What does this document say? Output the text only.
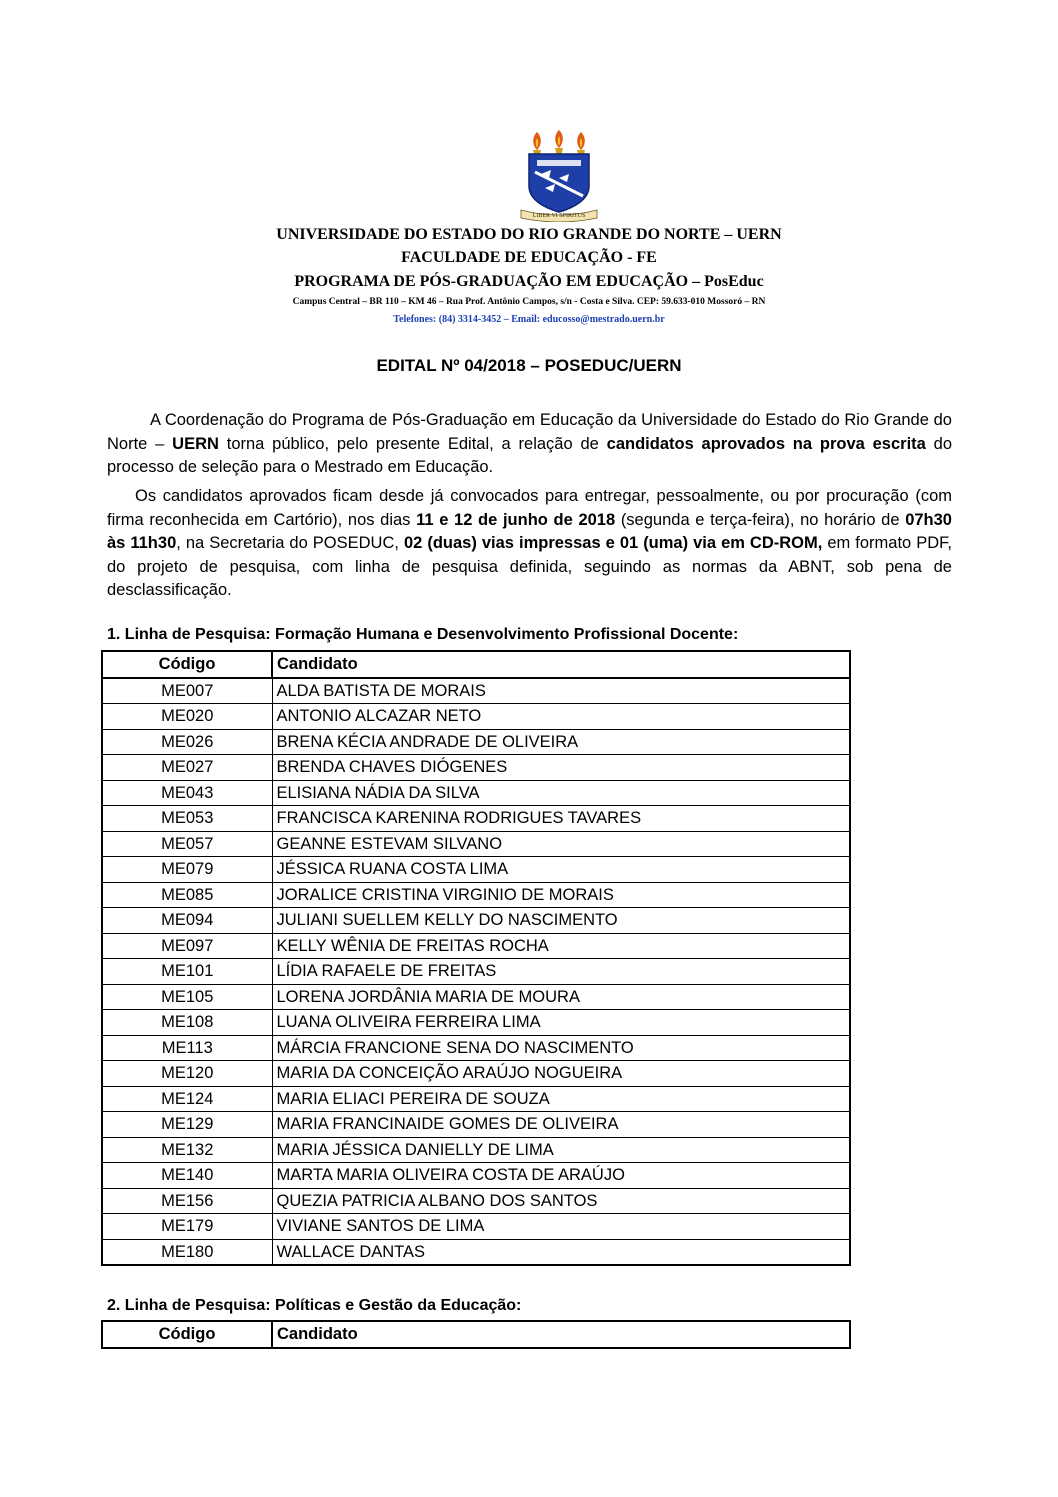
LIBER VI SPIRITUS
UNIVERSIDADE DO ESTADO DO RIO GRANDE DO NORTE – UERN
FACULDADE DE EDUCAÇÃO - FE
PROGRAMA DE PÓS-GRADUAÇÃO EM EDUCAÇÃO – PosEduc
Campus Central – BR 110 – KM 46 – Rua Prof. Antônio Campos, s/n - Costa e Silva. CEP: 59.633-010 Mossoró – RN
Telefones: (84) 3314-3452 – Email: educosso@mestrado.uern.br
EDITAL Nº 04/2018 – POSEDUC/UERN
A Coordenação do Programa de Pós-Graduação em Educação da Universidade do Estado do Rio Grande do Norte – UERN torna público, pelo presente Edital, a relação de candidatos aprovados na prova escrita do processo de seleção para o Mestrado em Educação.
Os candidatos aprovados ficam desde já convocados para entregar, pessoalmente, ou por procuração (com firma reconhecida em Cartório), nos dias 11 e 12 de junho de 2018 (segunda e terça-feira), no horário de 07h30 às 11h30, na Secretaria do POSEDUC, 02 (duas) vias impressas e 01 (uma) via em CD-ROM, em formato PDF, do projeto de pesquisa, com linha de pesquisa definida, seguindo as normas da ABNT, sob pena de desclassificação.
1. Linha de Pesquisa: Formação Humana e Desenvolvimento Profissional Docente:
Código	Candidato
ME007	ALDA BATISTA DE MORAIS
ME020	ANTONIO ALCAZAR NETO
ME026	BRENA KÉCIA ANDRADE DE OLIVEIRA
ME027	BRENDA CHAVES DIÓGENES
ME043	ELISIANA NÁDIA DA SILVA
ME053	FRANCISCA KARENINA RODRIGUES TAVARES
ME057	GEANNE ESTEVAM SILVANO
ME079	JÉSSICA RUANA COSTA LIMA
ME085	JORALICE CRISTINA VIRGINIO DE MORAIS
ME094	JULIANI SUELLEM KELLY DO NASCIMENTO
ME097	KELLY WÊNIA DE FREITAS ROCHA
ME101	LÍDIA RAFAELE DE FREITAS
ME105	LORENA JORDÂNIA MARIA DE MOURA
ME108	LUANA OLIVEIRA FERREIRA LIMA
ME113	MÁRCIA FRANCIONE SENA DO NASCIMENTO
ME120	MARIA DA CONCEIÇÃO ARAÚJO NOGUEIRA
ME124	MARIA ELIACI PEREIRA DE SOUZA
ME129	MARIA FRANCINAIDE GOMES DE OLIVEIRA
ME132	MARIA JÉSSICA DANIELLY DE LIMA
ME140	MARTA MARIA OLIVEIRA COSTA DE ARAÚJO
ME156	QUEZIA PATRICIA ALBANO DOS SANTOS
ME179	VIVIANE SANTOS DE LIMA
ME180	WALLACE DANTAS
2. Linha de Pesquisa: Políticas e Gestão da Educação:
Código	Candidato
